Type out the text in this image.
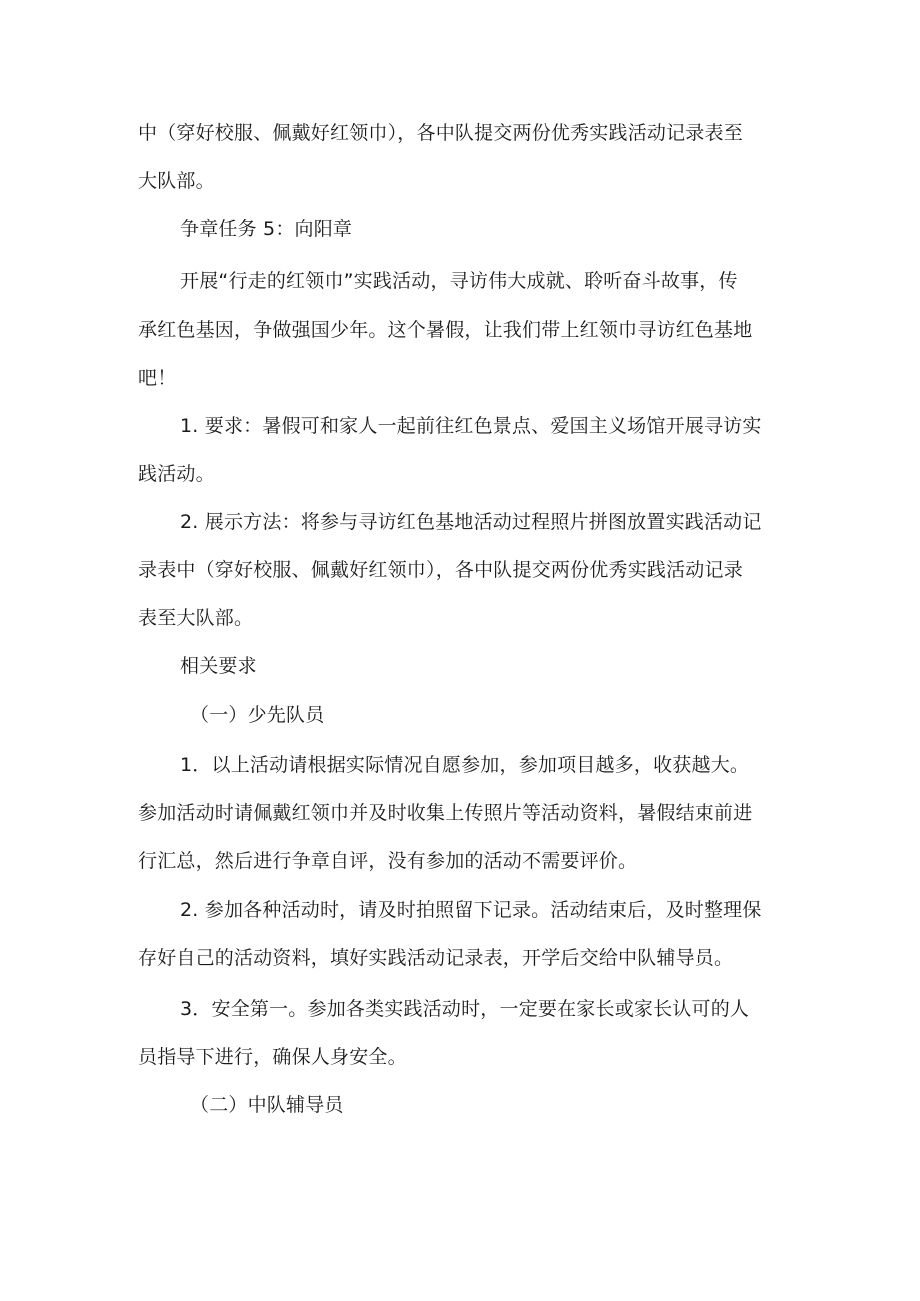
中（穿好校服、佩戴好红领巾），各中队提交两份优秀实践活动记录表至
大队部。
争章任务 5：向阳章
开展“行走的红领巾”实践活动，寻访伟大成就、聆听奋斗故事，传
承红色基因，争做强国少年。这个暑假，让我们带上红领巾寻访红色基地
吧！
1. 要求：暑假可和家人一起前往红色景点、爱国主义场馆开展寻访实
践活动。
2. 展示方法：将参与寻访红色基地活动过程照片拼图放置实践活动记
录表中（穿好校服、佩戴好红领巾），各中队提交两份优秀实践活动记录
表至大队部。
相关要求
（一）少先队员
1．以上活动请根据实际情况自愿参加，参加项目越多，收获越大。
参加活动时请佩戴红领巾并及时收集上传照片等活动资料，暑假结束前进
行汇总，然后进行争章自评，没有参加的活动不需要评价。
2. 参加各种活动时，请及时拍照留下记录。活动结束后，及时整理保
存好自己的活动资料，填好实践活动记录表，开学后交给中队辅导员。
3．安全第一。参加各类实践活动时，一定要在家长或家长认可的人
员指导下进行，确保人身安全。
（二）中队辅导员
